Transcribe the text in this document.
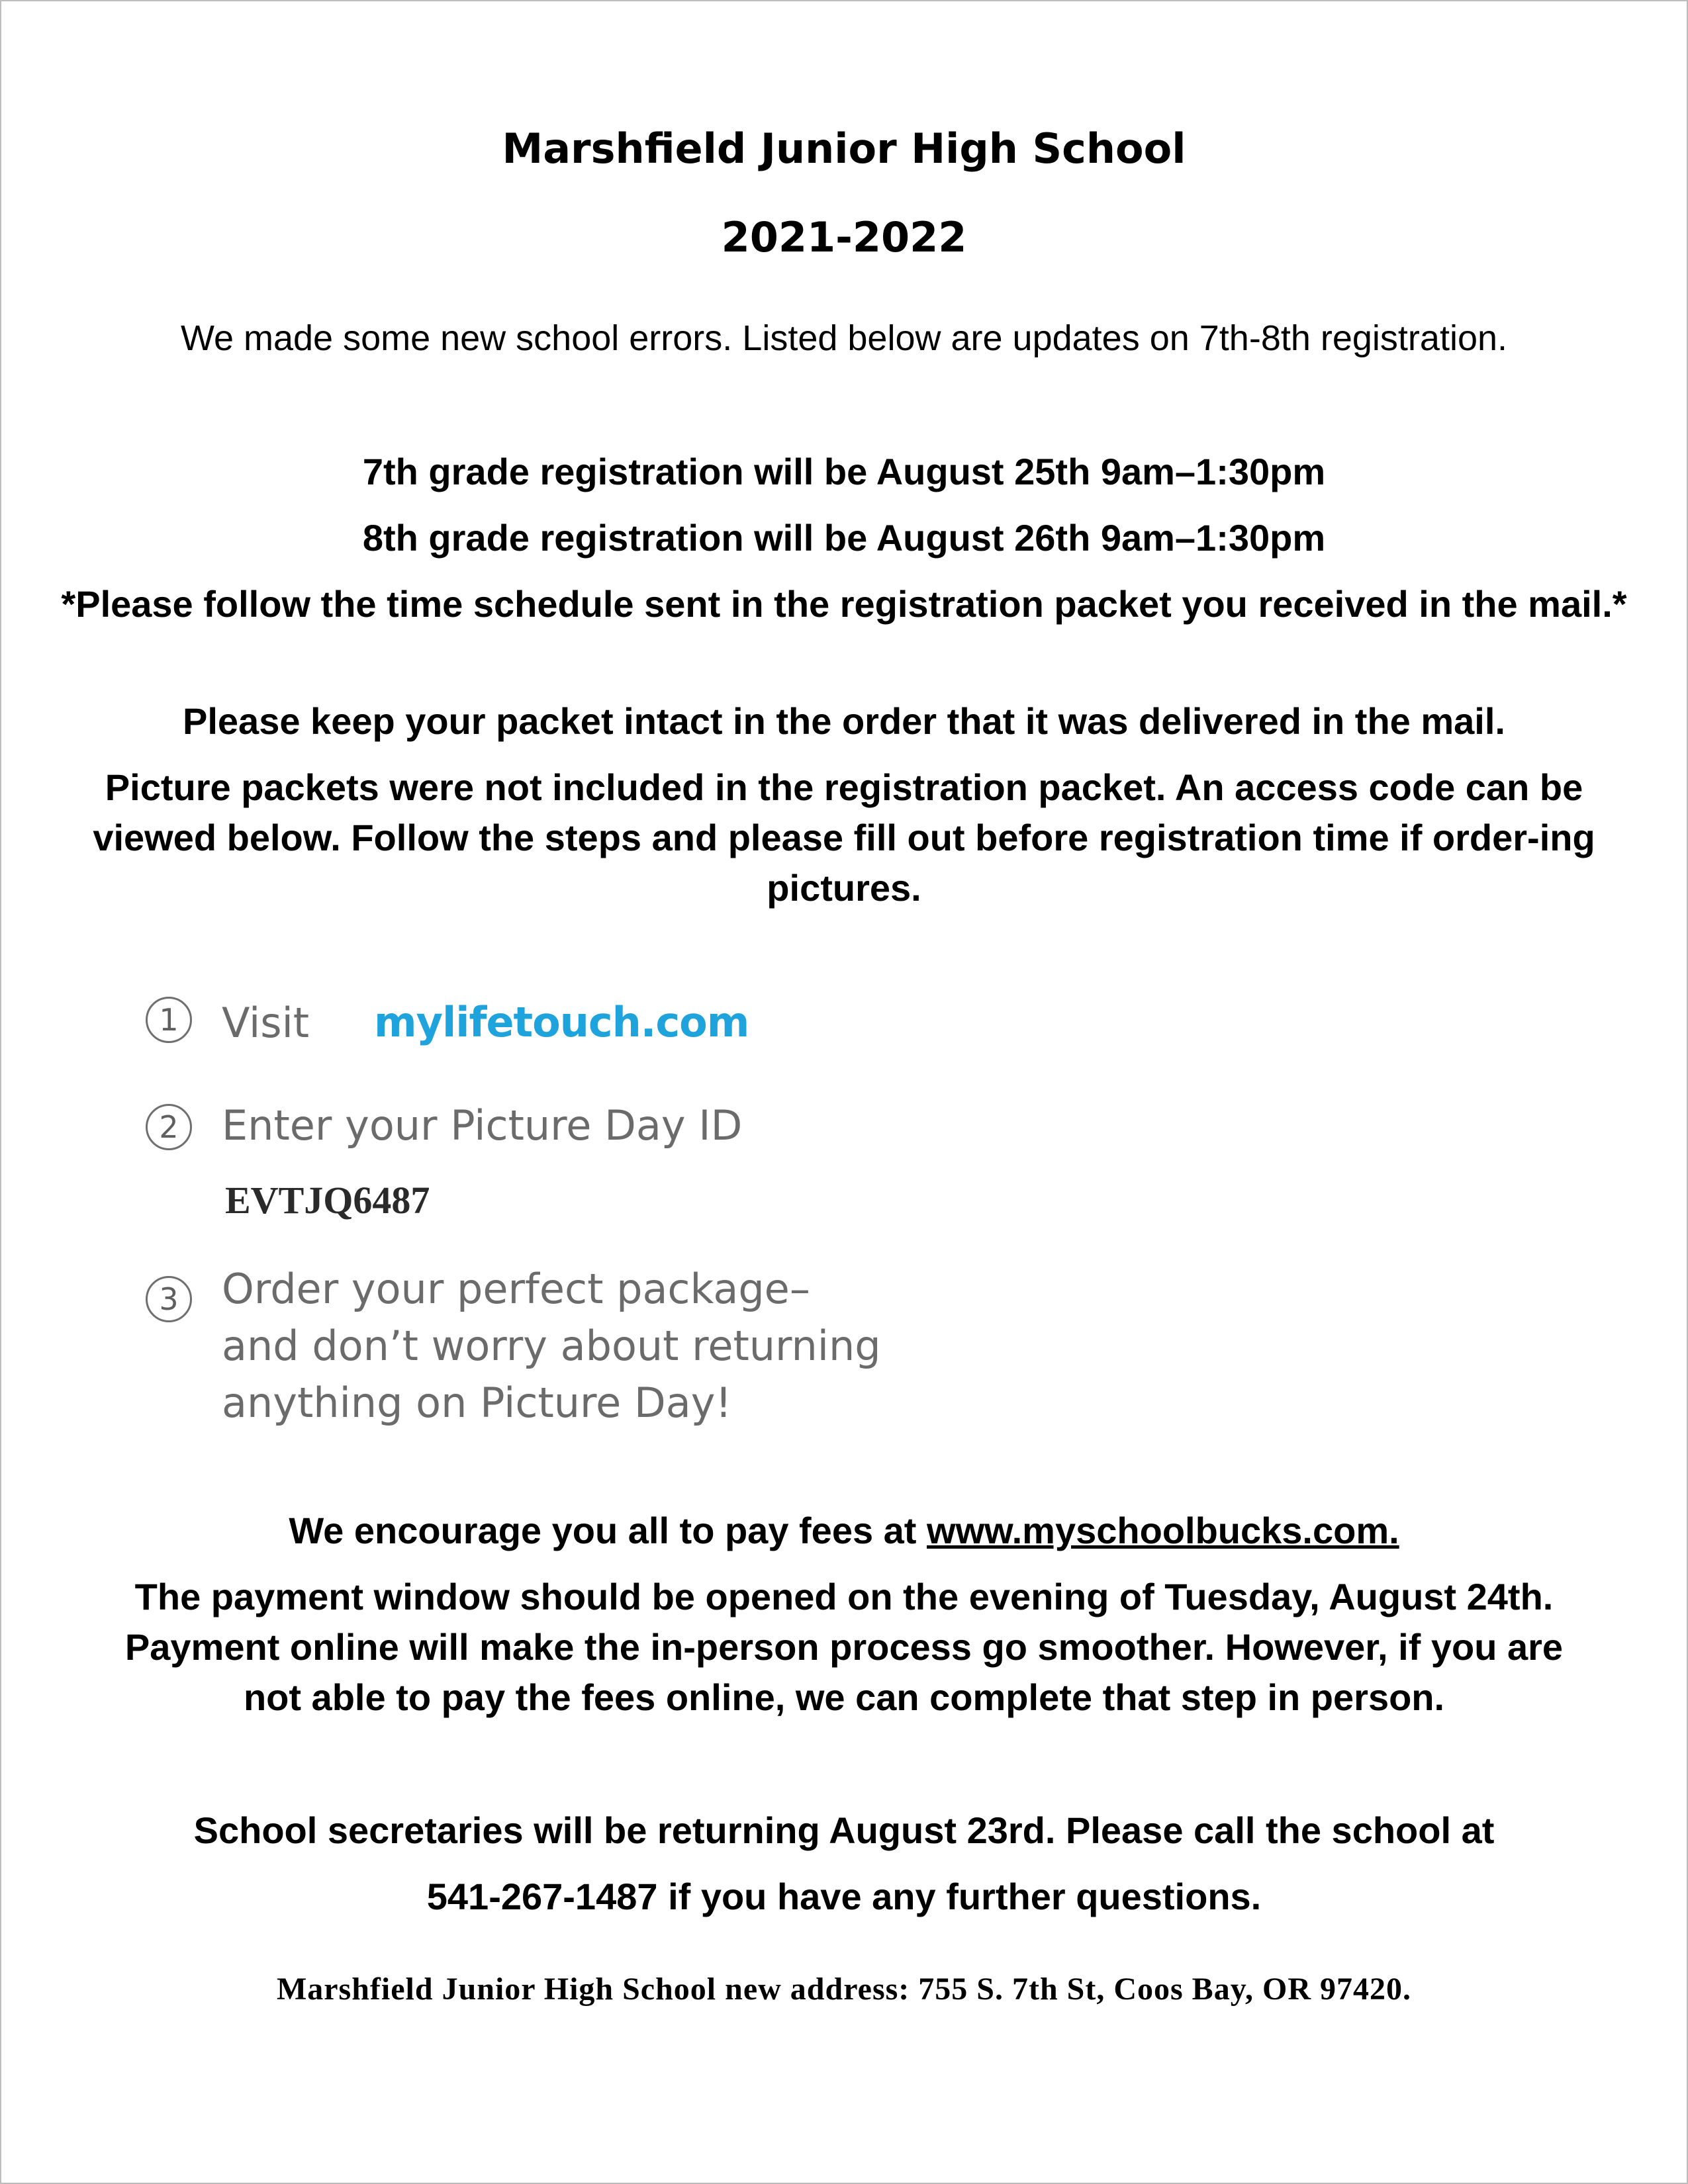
Marshfield Junior High School
2021-2022
We made some new school errors. Listed below are updates on 7th-8th registration.
7th grade registration will be August 25th 9am–1:30pm
8th grade registration will be August 26th 9am–1:30pm
*Please follow the time schedule sent in the registration packet you received in the mail.*
Please keep your packet intact in the order that it was delivered in the mail.
Picture packets were not included in the registration packet. An access code can be viewed below. Follow the steps and please fill out before registration time if order-ing pictures.
1	Visit mylifetouch.com
2	Enter your Picture Day ID
EVTJQ6487
3	Order your perfect package–
and don’t worry about returning
anything on Picture Day!
We encourage you all to pay fees at www.myschoolbucks.com.
The payment window should be opened on the evening of Tuesday, August 24th. Payment online will make the in-person process go smoother. However, if you are not able to pay the fees online, we can complete that step in person.
School secretaries will be returning August 23rd. Please call the school at
541-267-1487 if you have any further questions.
Marshfield Junior High School new address: 755 S. 7th St, Coos Bay, OR 97420.
